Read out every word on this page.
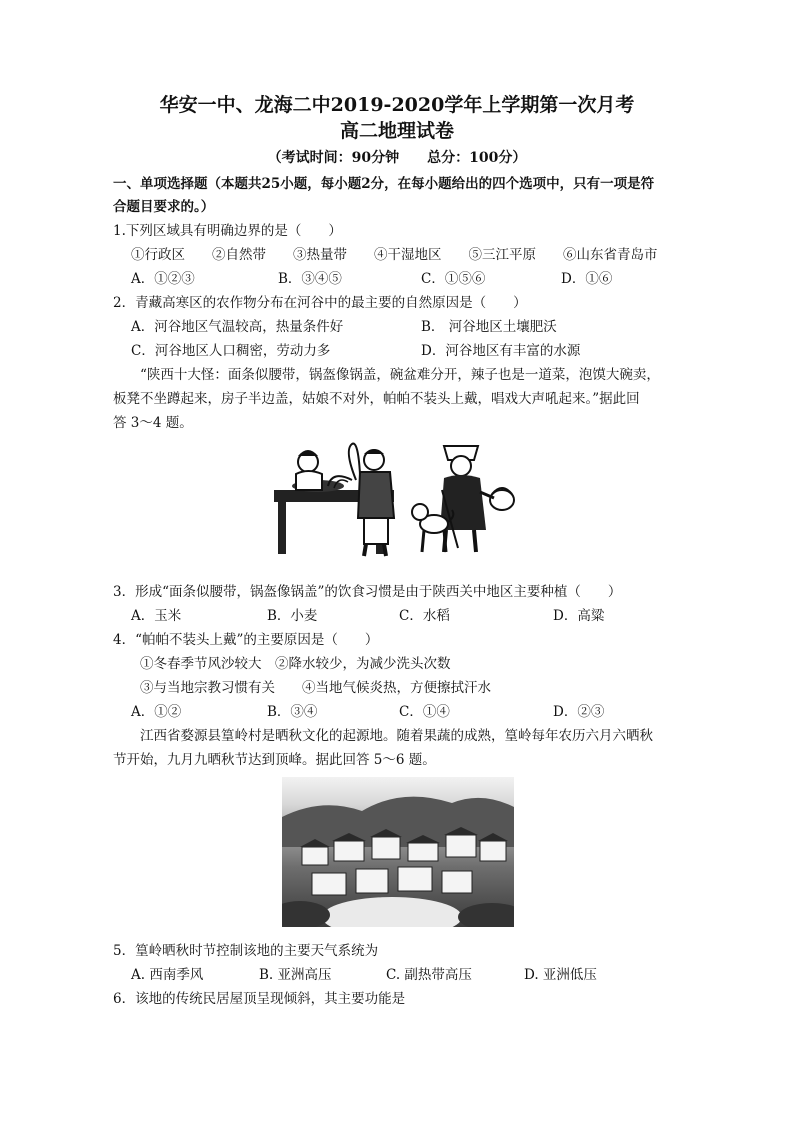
华安一中、龙海二中2019-2020学年上学期第一次月考
高二地理试卷
（考试时间：90分钟　　总分：100分）
一、单项选择题（本题共25小题，每小题2分，在每小题给出的四个选项中，只有一项是符
合题目要求的。）
1.下列区域具有明确边界的是（　　）
①行政区　　②自然带　　③热量带　　④干湿地区　　⑤三江平原　　⑥山东省青岛市
A．①②③	B．③④⑤	C．①⑤⑥	D．①⑥
2．青藏高寒区的农作物分布在河谷中的最主要的自然原因是（　　）
A．河谷地区气温较高，热量条件好	B． 河谷地区土壤肥沃
C．河谷地区人口稠密，劳动力多	D．河谷地区有丰富的水源
“陕西十大怪：面条似腰带，锅盔像锅盖，碗盆难分开，辣子也是一道菜，泡馍大碗卖，
板凳不坐蹲起来，房子半边盖，姑娘不对外，帕帕不装头上戴，唱戏大声吼起来。”据此回
答 3～4 题。
3．形成“面条似腰带，锅盔像锅盖”的饮食习惯是由于陕西关中地区主要种植（　　）
A．玉米	B．小麦	C．水稻	D．高粱
4．“帕帕不装头上戴”的主要原因是（　　）
①冬春季节风沙较大　②降水较少，为减少洗头次数
③与当地宗教习惯有关　　④当地气候炎热，方便擦拭汗水
A．①②	B．③④	C．①④	D．②③
江西省婺源县篁岭村是晒秋文化的起源地。随着果蔬的成熟，篁岭每年农历六月六晒秋
节开始，九月九晒秋节达到顶峰。据此回答 5～6 题。
5．篁岭晒秋时节控制该地的主要天气系统为
A. 西南季风	B. 亚洲高压	C. 副热带高压	D. 亚洲低压
6．该地的传统民居屋顶呈现倾斜，其主要功能是
